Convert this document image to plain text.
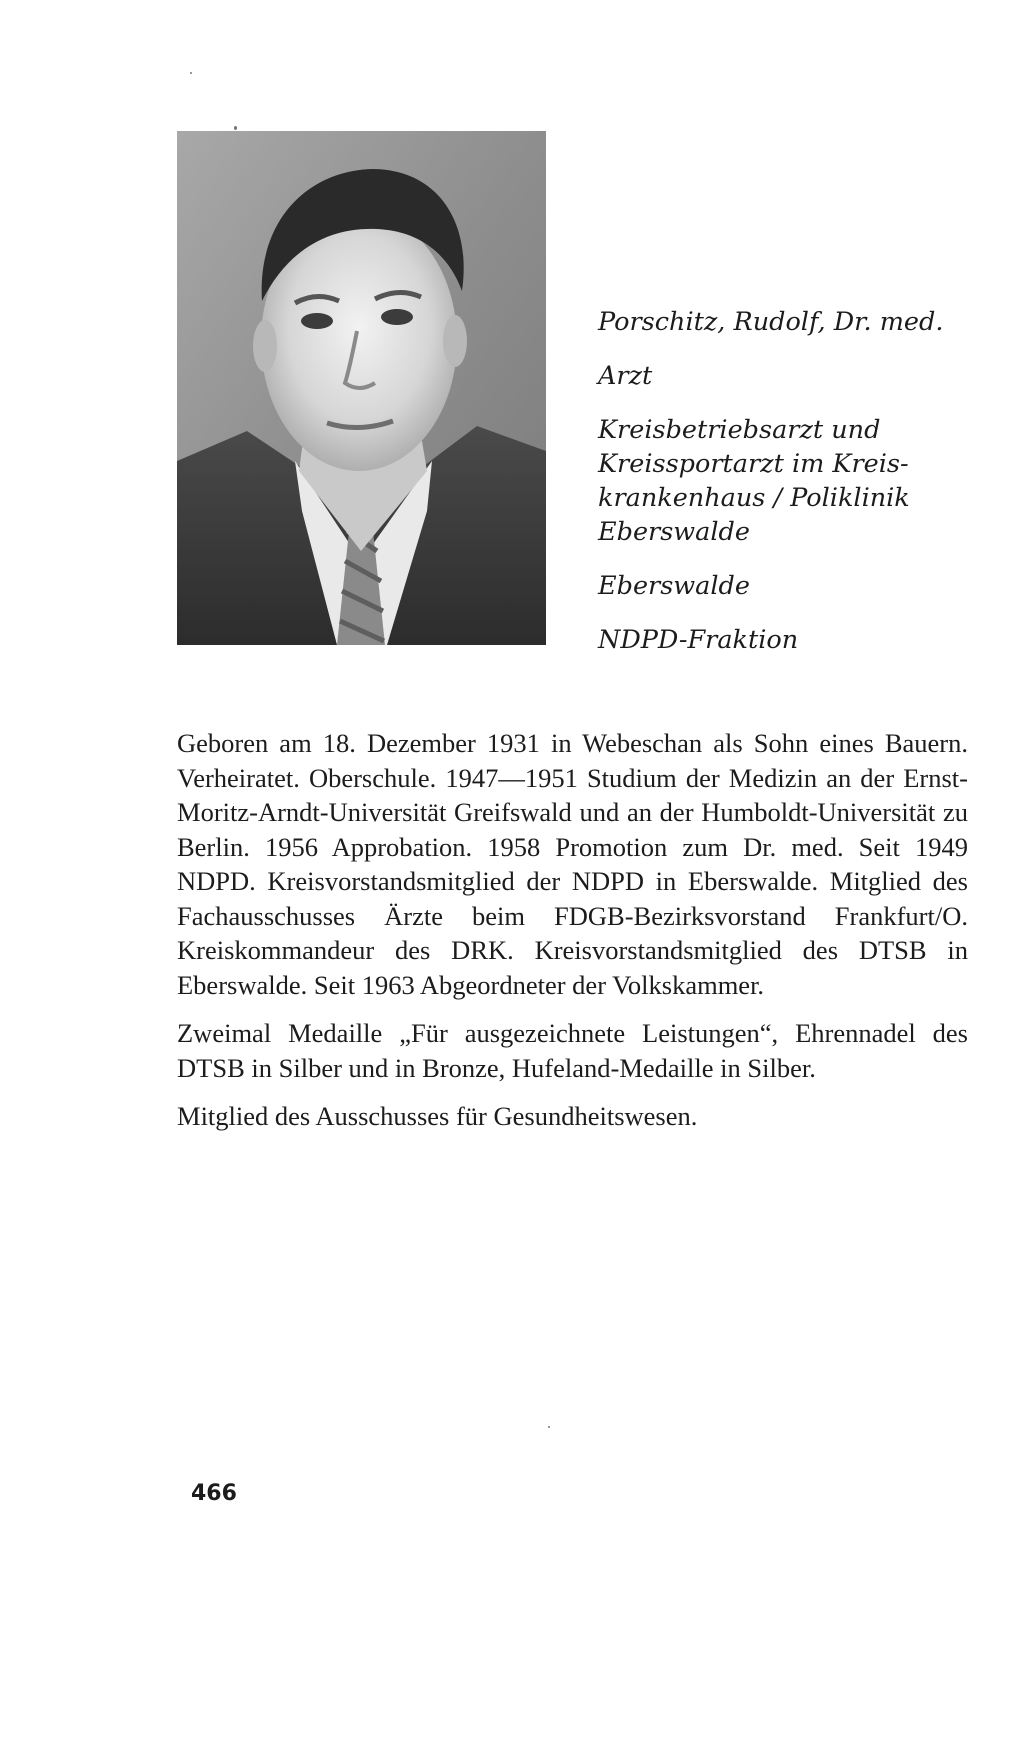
Porschitz, Rudolf, Dr. med.

Arzt

Kreisbetriebsarzt und Kreissportarzt im Kreiskrankenhaus / Poliklinik Eberswalde

Eberswalde

NDPD-Fraktion

Geboren am 18. Dezember 1931 in Webeschan als Sohn eines Bauern. Verheiratet. Oberschule. 1947—1951 Studium der Medizin an der Ernst-Moritz-Arndt-Universität Greifswald und an der Humboldt-Universität zu Berlin. 1956 Approbation. 1958 Promotion zum Dr. med. Seit 1949 NDPD. Kreisvorstandsmitglied der NDPD in Eberswalde. Mitglied des Fachausschusses Ärzte beim FDGB-Bezirksvorstand Frankfurt/O. Kreiskommandeur des DRK. Kreisvorstandsmitglied des DTSB in Eberswalde. Seit 1963 Abgeordneter der Volkskammer.

Zweimal Medaille „Für ausgezeichnete Leistungen“, Ehrennadel des DTSB in Silber und in Bronze, Hufeland-Medaille in Silber.

Mitglied des Ausschusses für Gesundheitswesen.

466
